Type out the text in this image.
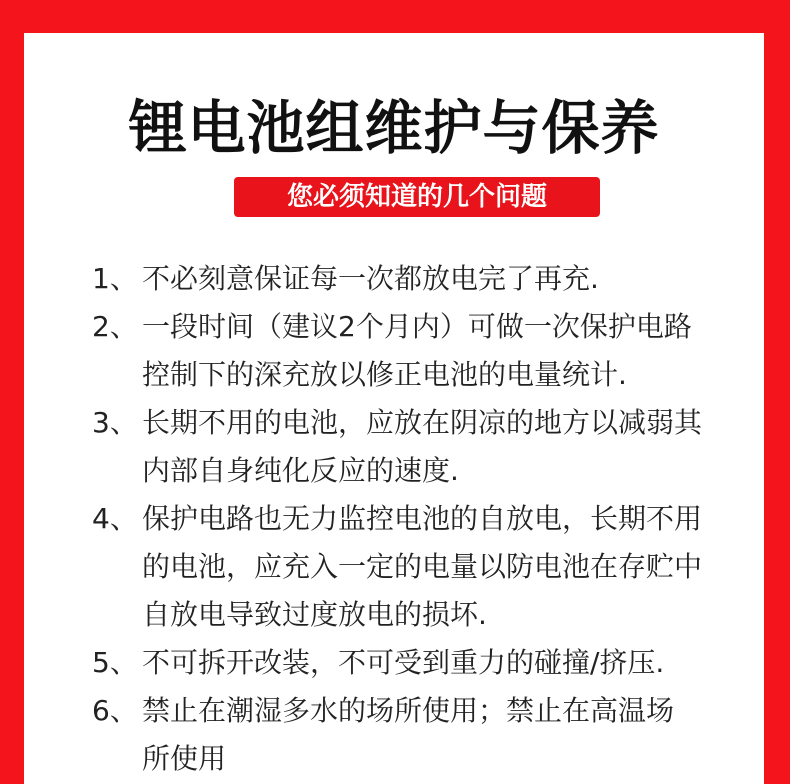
锂电池组维护与保养
您必须知道的几个问题
1、 不必刻意保证每一次都放电完了再充.
2、 一段时间（建议2个月内）可做一次保护电路
控制下的深充放以修正电池的电量统计.
3、 长期不用的电池，应放在阴凉的地方以减弱其
内部自身纯化反应的速度.
4、 保护电路也无力监控电池的自放电，长期不用
的电池，应充入一定的电量以防电池在存贮中
自放电导致过度放电的损坏.
5、 不可拆开改装，不可受到重力的碰撞/挤压.
6、 禁止在潮湿多水的场所使用；禁止在高温场
所使用
